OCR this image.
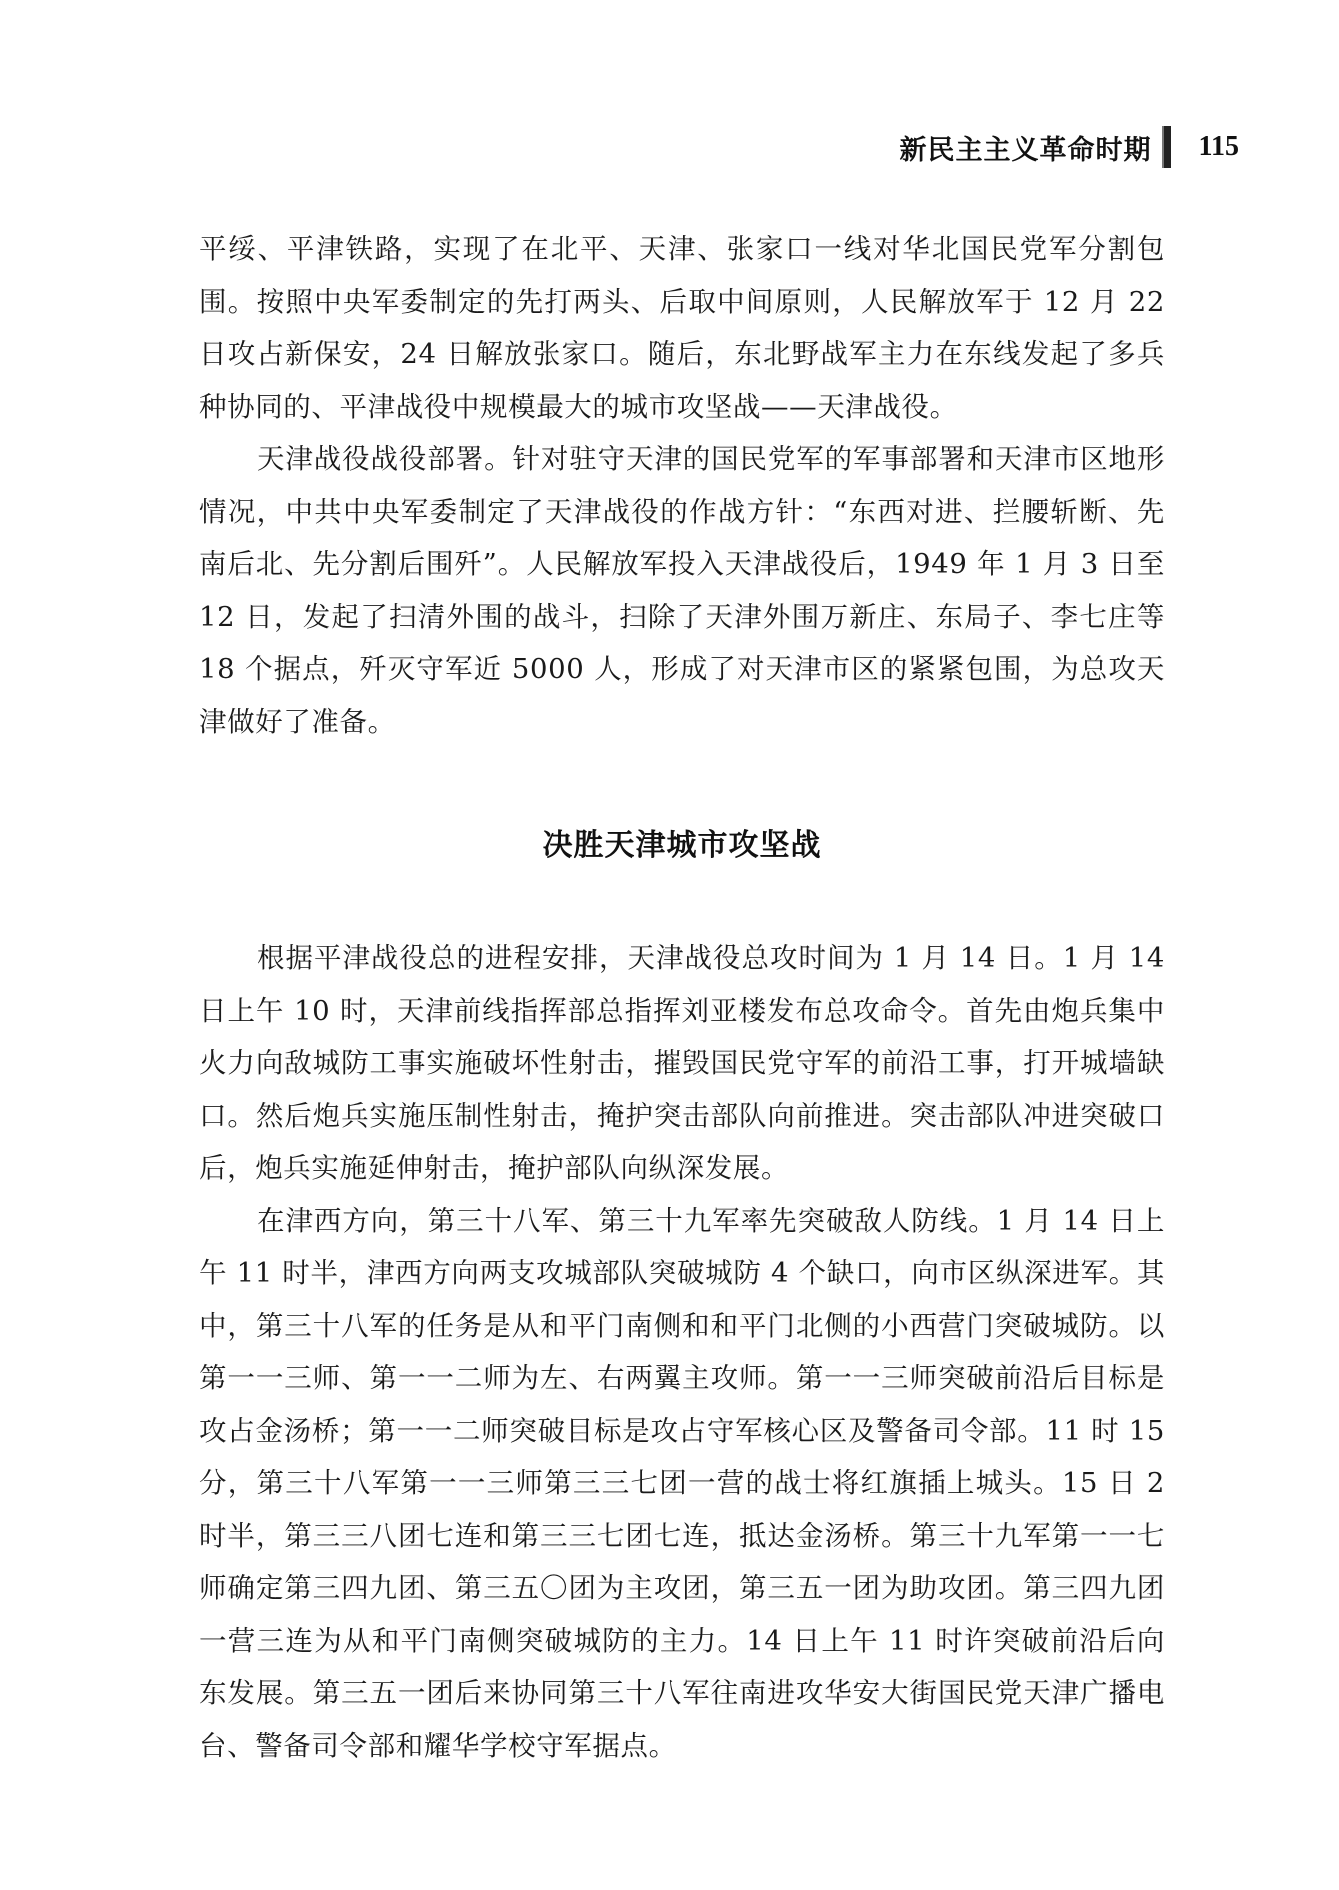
新民主主义革命时期 115

平绥、平津铁路，实现了在北平、天津、张家口一线对华北国民党军分割包围。按照中央军委制定的先打两头、后取中间原则，人民解放军于 12 月 22 日攻占新保安，24 日解放张家口。随后，东北野战军主力在东线发起了多兵种协同的、平津战役中规模最大的城市攻坚战——天津战役。

天津战役战役部署。针对驻守天津的国民党军的军事部署和天津市区地形情况，中共中央军委制定了天津战役的作战方针：“东西对进、拦腰斩断、先南后北、先分割后围歼”。人民解放军投入天津战役后，1949 年 1 月 3 日至 12 日，发起了扫清外围的战斗，扫除了天津外围万新庄、东局子、李七庄等 18 个据点，歼灭守军近 5000 人，形成了对天津市区的紧紧包围，为总攻天津做好了准备。

决胜天津城市攻坚战

根据平津战役总的进程安排，天津战役总攻时间为 1 月 14 日。1 月 14 日上午 10 时，天津前线指挥部总指挥刘亚楼发布总攻命令。首先由炮兵集中火力向敌城防工事实施破坏性射击，摧毁国民党守军的前沿工事，打开城墙缺口。然后炮兵实施压制性射击，掩护突击部队向前推进。突击部队冲进突破口后，炮兵实施延伸射击，掩护部队向纵深发展。

在津西方向，第三十八军、第三十九军率先突破敌人防线。1 月 14 日上午 11 时半，津西方向两支攻城部队突破城防 4 个缺口，向市区纵深进军。其中，第三十八军的任务是从和平门南侧和和平门北侧的小西营门突破城防。以第一一三师、第一一二师为左、右两翼主攻师。第一一三师突破前沿后目标是攻占金汤桥；第一一二师突破目标是攻占守军核心区及警备司令部。11 时 15 分，第三十八军第一一三师第三三七团一营的战士将红旗插上城头。15 日 2 时半，第三三八团七连和第三三七团七连，抵达金汤桥。第三十九军第一一七师确定第三四九团、第三五〇团为主攻团，第三五一团为助攻团。第三四九团一营三连为从和平门南侧突破城防的主力。14 日上午 11 时许突破前沿后向东发展。第三五一团后来协同第三十八军往南进攻华安大街国民党天津广播电台、警备司令部和耀华学校守军据点。
